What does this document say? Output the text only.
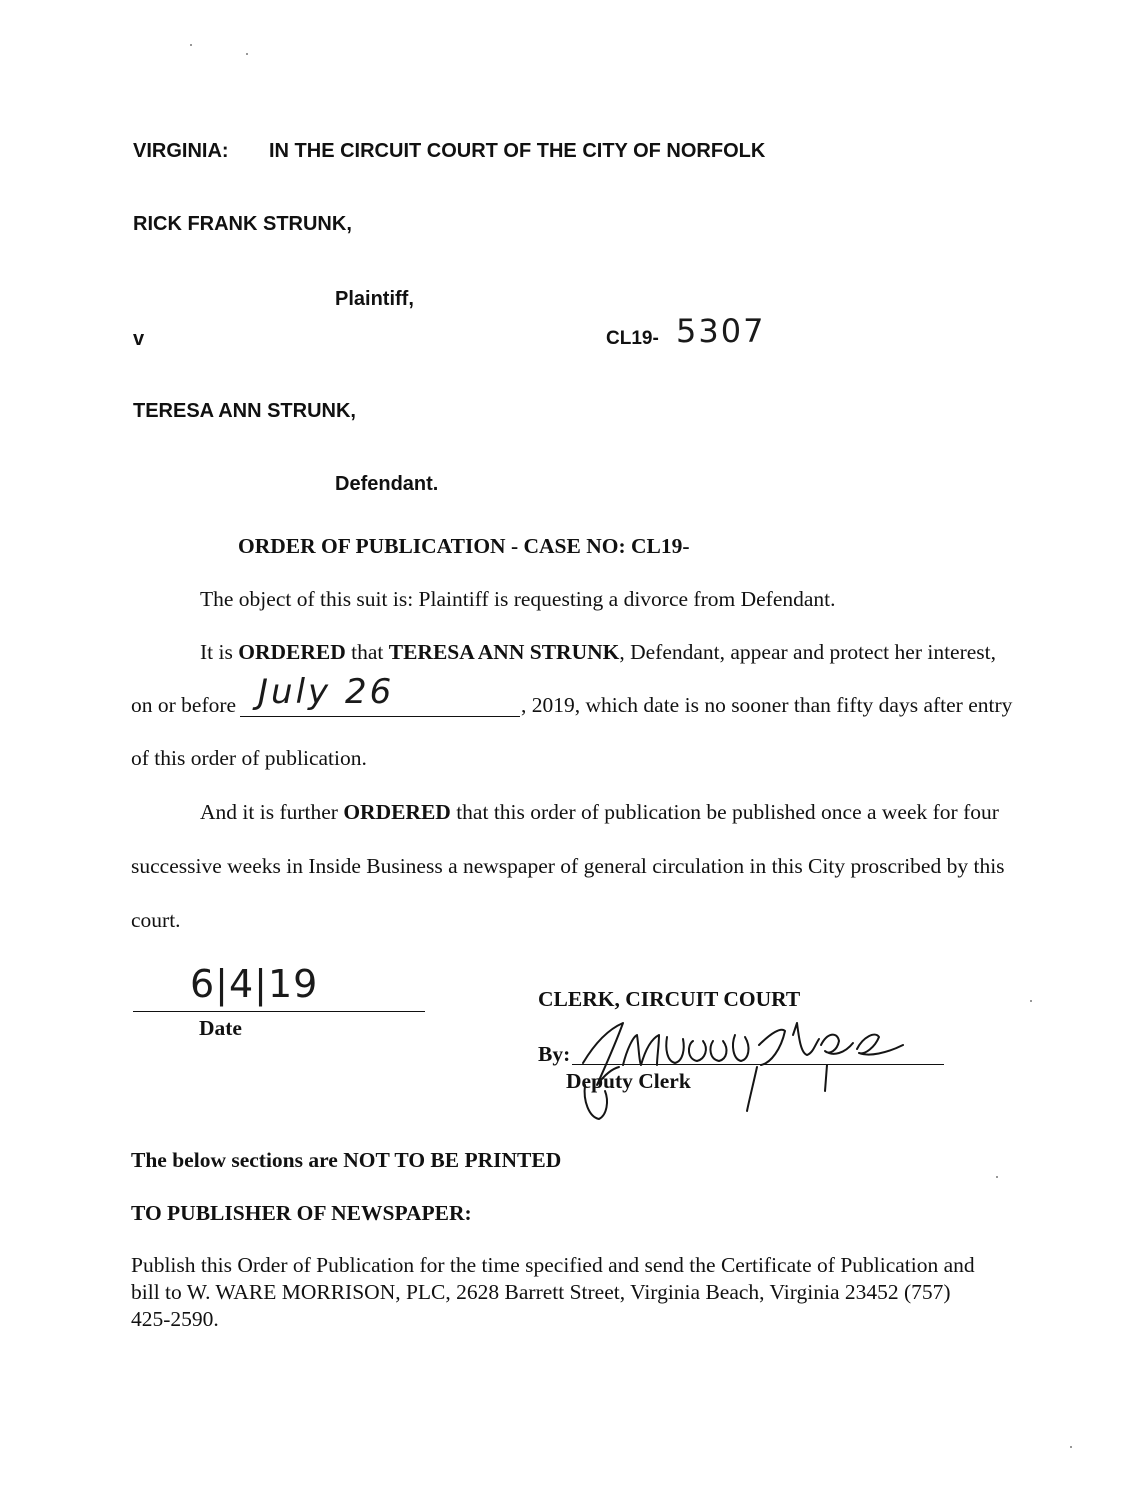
VIRGINIA: IN THE CIRCUIT COURT OF THE CITY OF NORFOLK
RICK FRANK STRUNK,
Plaintiff,
v	CL19- 5307
TERESA ANN STRUNK,
Defendant.
ORDER OF PUBLICATION - CASE NO: CL19-
The object of this suit is: Plaintiff is requesting a divorce from Defendant.
It is ORDERED that TERESA ANN STRUNK, Defendant, appear and protect her interest,
on or before July 26	, 2019, which date is no sooner than fifty days after entry
of this order of publication.
And it is further ORDERED that this order of publication be published once a week for four
successive weeks in Inside Business a newspaper of general circulation in this City proscribed by this
court.
6|4|19
Date
CLERK, CIRCUIT COURT
By:
Deputy Clerk
The below sections are NOT TO BE PRINTED
TO PUBLISHER OF NEWSPAPER:
Publish this Order of Publication for the time specified and send the Certificate of Publication and
bill to W. WARE MORRISON, PLC, 2628 Barrett Street, Virginia Beach, Virginia 23452 (757)
425-2590.
